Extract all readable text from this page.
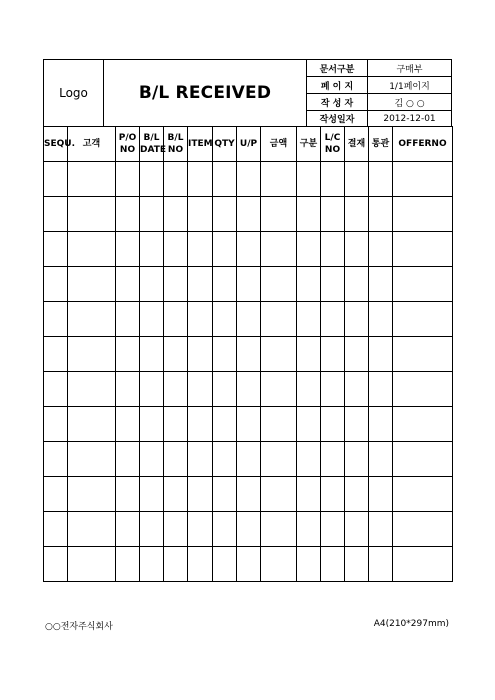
Logo	B/L RECEIVED	문서구분	구매부
		페 이 지	1/1페이지
		작 성 자	김 ○ ○
		작성일자	2012-12-01
SEQU.	고객	P/O NO	B/L DATE	B/L NO	ITEM	QTY	U/P	금액	구분	L/C NO	결재	통관	OFFERNO

○○전자주식회사	A4(210*297mm)
